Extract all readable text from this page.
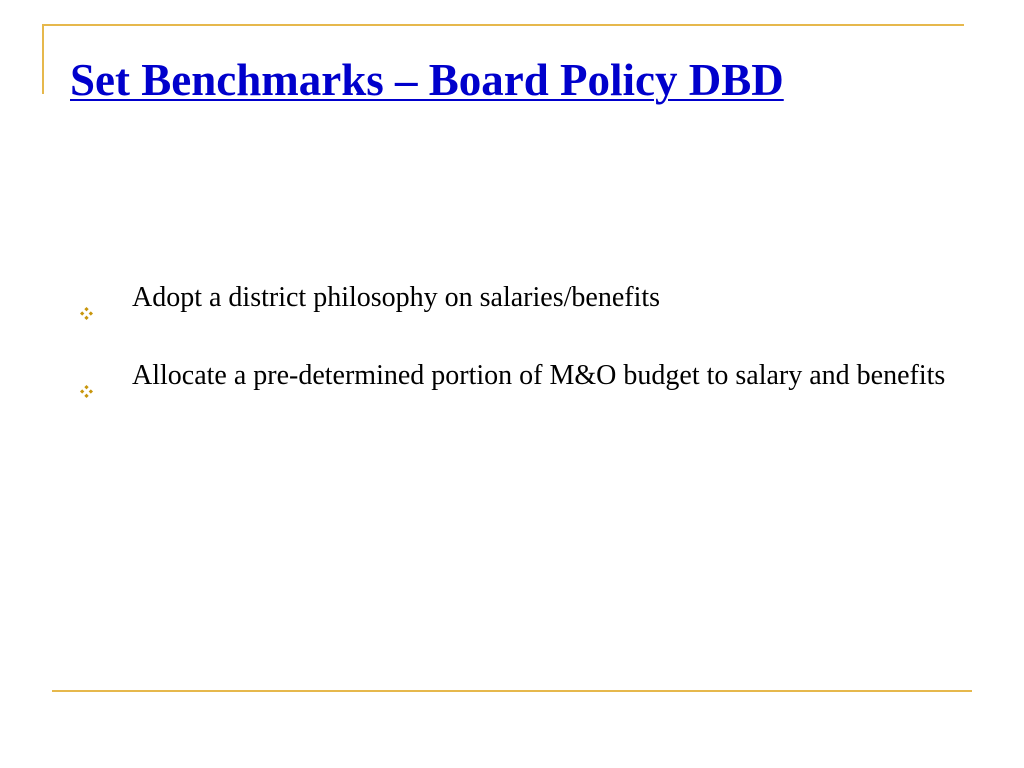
Set Benchmarks – Board Policy DBD
Adopt a district philosophy on salaries/benefits
Allocate a pre-determined portion of M&O budget to salary and benefits
